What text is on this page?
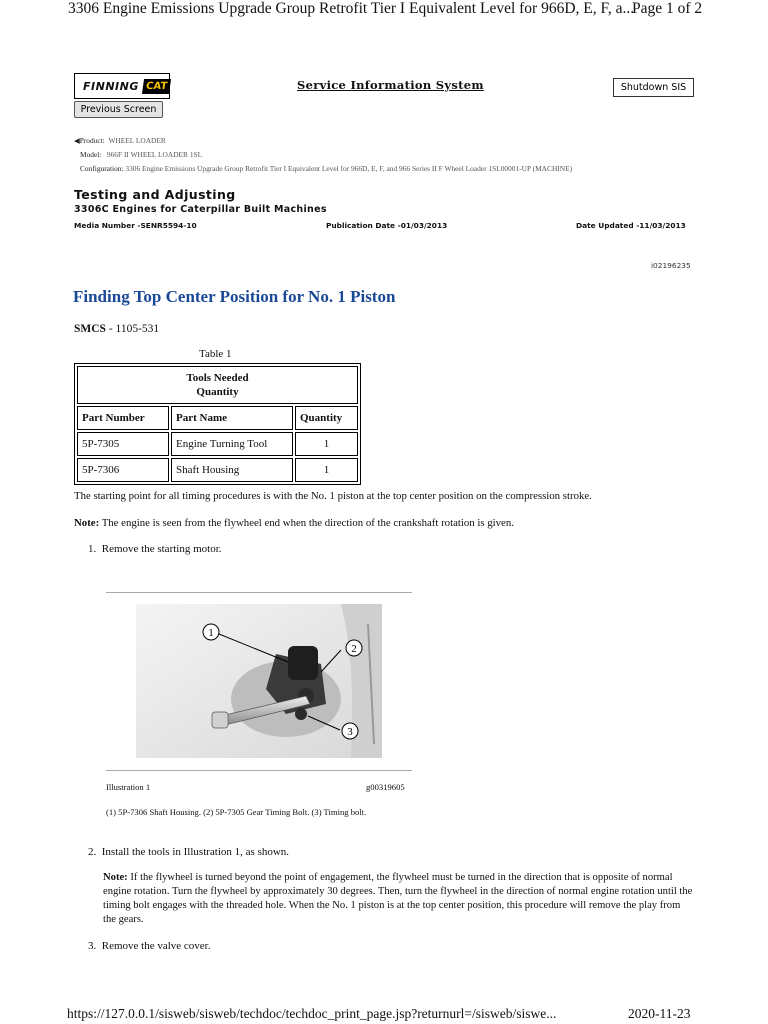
3306 Engine Emissions Upgrade Group Retrofit Tier I Equivalent Level for 966D, E, F, a...
Page 1 of 2
FINNING CAT	Service Information System
Previous Screen
Shutdown SIS
◀Product: WHEEL LOADER
Model: 966F II WHEEL LOADER 1SL
Configuration: 3306 Engine Emissions Upgrade Group Retrofit Tier I Equivalent Level for 966D, E, F, and 966 Series II F Wheel Loader 1SL00001-UP (MACHINE)
Testing and Adjusting
3306C Engines for Caterpillar Built Machines
Media Number -SENR5594-10	Publication Date -01/03/2013	Date Updated -11/03/2013
i02196235
Finding Top Center Position for No. 1 Piston
SMCS - 1105-531
Table 1
Tools Needed
Quantity		
Part Number	Part Name	Quantity
5P-7305	Engine Turning Tool	1
5P-7306	Shaft Housing	1
The starting point for all timing procedures is with the No. 1 piston at the top center position on the compression stroke.
Note: The engine is seen from the flywheel end when the direction of the crankshaft rotation is given.
1. Remove the starting motor.
1
2
3
Illustration 1	g00319605
(1) 5P-7306 Shaft Housing. (2) 5P-7305 Gear Timing Bolt. (3) Timing bolt.
2. Install the tools in Illustration 1, as shown.
Note: If the flywheel is turned beyond the point of engagement, the flywheel must be turned in the direction that is opposite of normal engine rotation. Turn the flywheel by approximately 30 degrees. Then, turn the flywheel in the direction of normal engine rotation until the timing bolt engages with the threaded hole. When the No. 1 piston is at the top center position, this procedure will remove the play from the gears.
3. Remove the valve cover.
https://127.0.0.1/sisweb/sisweb/techdoc/techdoc_print_page.jsp?returnurl=/sisweb/siswe...	2020-11-23
